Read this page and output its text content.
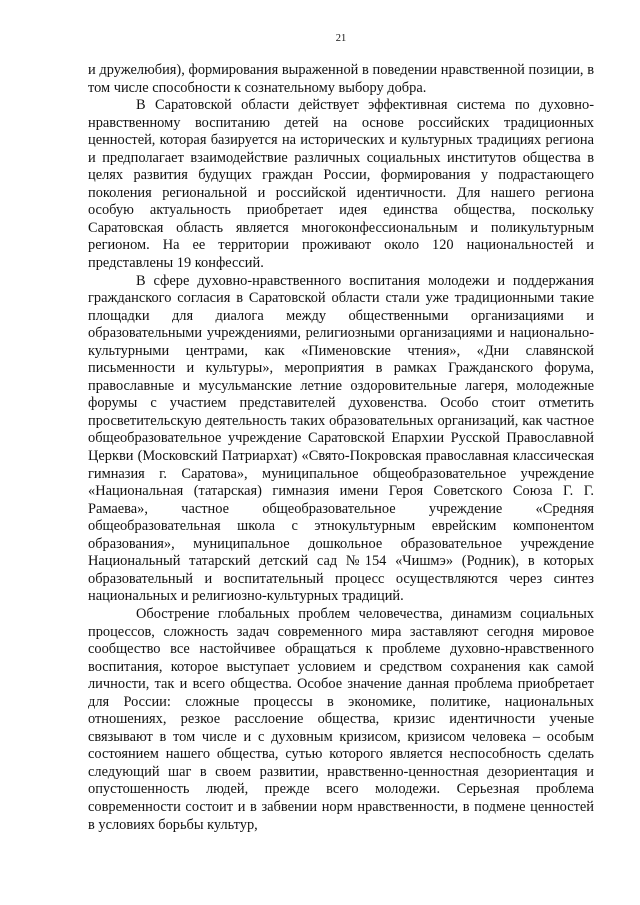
21

и дружелюбия), формирования выраженной в поведении нравственной позиции, в том числе способности к сознательному выбору добра.

В Саратовской области действует эффективная система по духовно-нравственному воспитанию детей на основе российских традиционных ценностей, которая базируется на исторических и культурных традициях региона и предполагает взаимодействие различных социальных институтов общества в целях развития будущих граждан России, формирования у подрастающего поколения региональной и российской идентичности. Для нашего региона особую актуальность приобретает идея единства общества, поскольку Саратовская область является многоконфессиональным и поликультурным регионом. На ее территории проживают около 120 национальностей и представлены 19 конфессий.

В сфере духовно-нравственного воспитания молодежи и поддержания гражданского согласия в Саратовской области стали уже традиционными такие площадки для диалога между общественными организациями и образовательными учреждениями, религиозными организациями и национально-культурными центрами, как «Пименовские чтения», «Дни славянской письменности и культуры», мероприятия в рамках Гражданского форума, православные и мусульманские летние оздоровительные лагеря, молодежные форумы с участием представителей духовенства. Особо стоит отметить просветительскую деятельность таких образовательных организаций, как частное общеобразовательное учреждение Саратовской Епархии Русской Православной Церкви (Московский Патриархат) «Свято-Покровская православная классическая гимназия г. Саратова», муниципальное общеобразовательное учреждение «Национальная (татарская) гимназия имени Героя Советского Союза Г. Г. Рамаева», частное общеобразовательное учреждение «Средняя общеобразовательная школа с этнокультурным еврейским компонентом образования», муниципальное дошкольное образовательное учреждение Национальный татарский детский сад №154 «Чишмэ» (Родник), в которых образовательный и воспитательный процесс осуществляются через синтез национальных и религиозно-культурных традиций.

Обострение глобальных проблем человечества, динамизм социальных процессов, сложность задач современного мира заставляют сегодня мировое сообщество все настойчивее обращаться к проблеме духовно-нравственного воспитания, которое выступает условием и средством сохранения как самой личности, так и всего общества. Особое значение данная проблема приобретает для России: сложные процессы в экономике, политике, национальных отношениях, резкое расслоение общества, кризис идентичности ученые связывают в том числе и с духовным кризисом, кризисом человека – особым состоянием нашего общества, сутью которого является неспособность сделать следующий шаг в своем развитии, нравственно-ценностная дезориентация и опустошенность людей, прежде всего молодежи. Серьезная проблема современности состоит и в забвении норм нравственности, в подмене ценностей в условиях борьбы культур,
